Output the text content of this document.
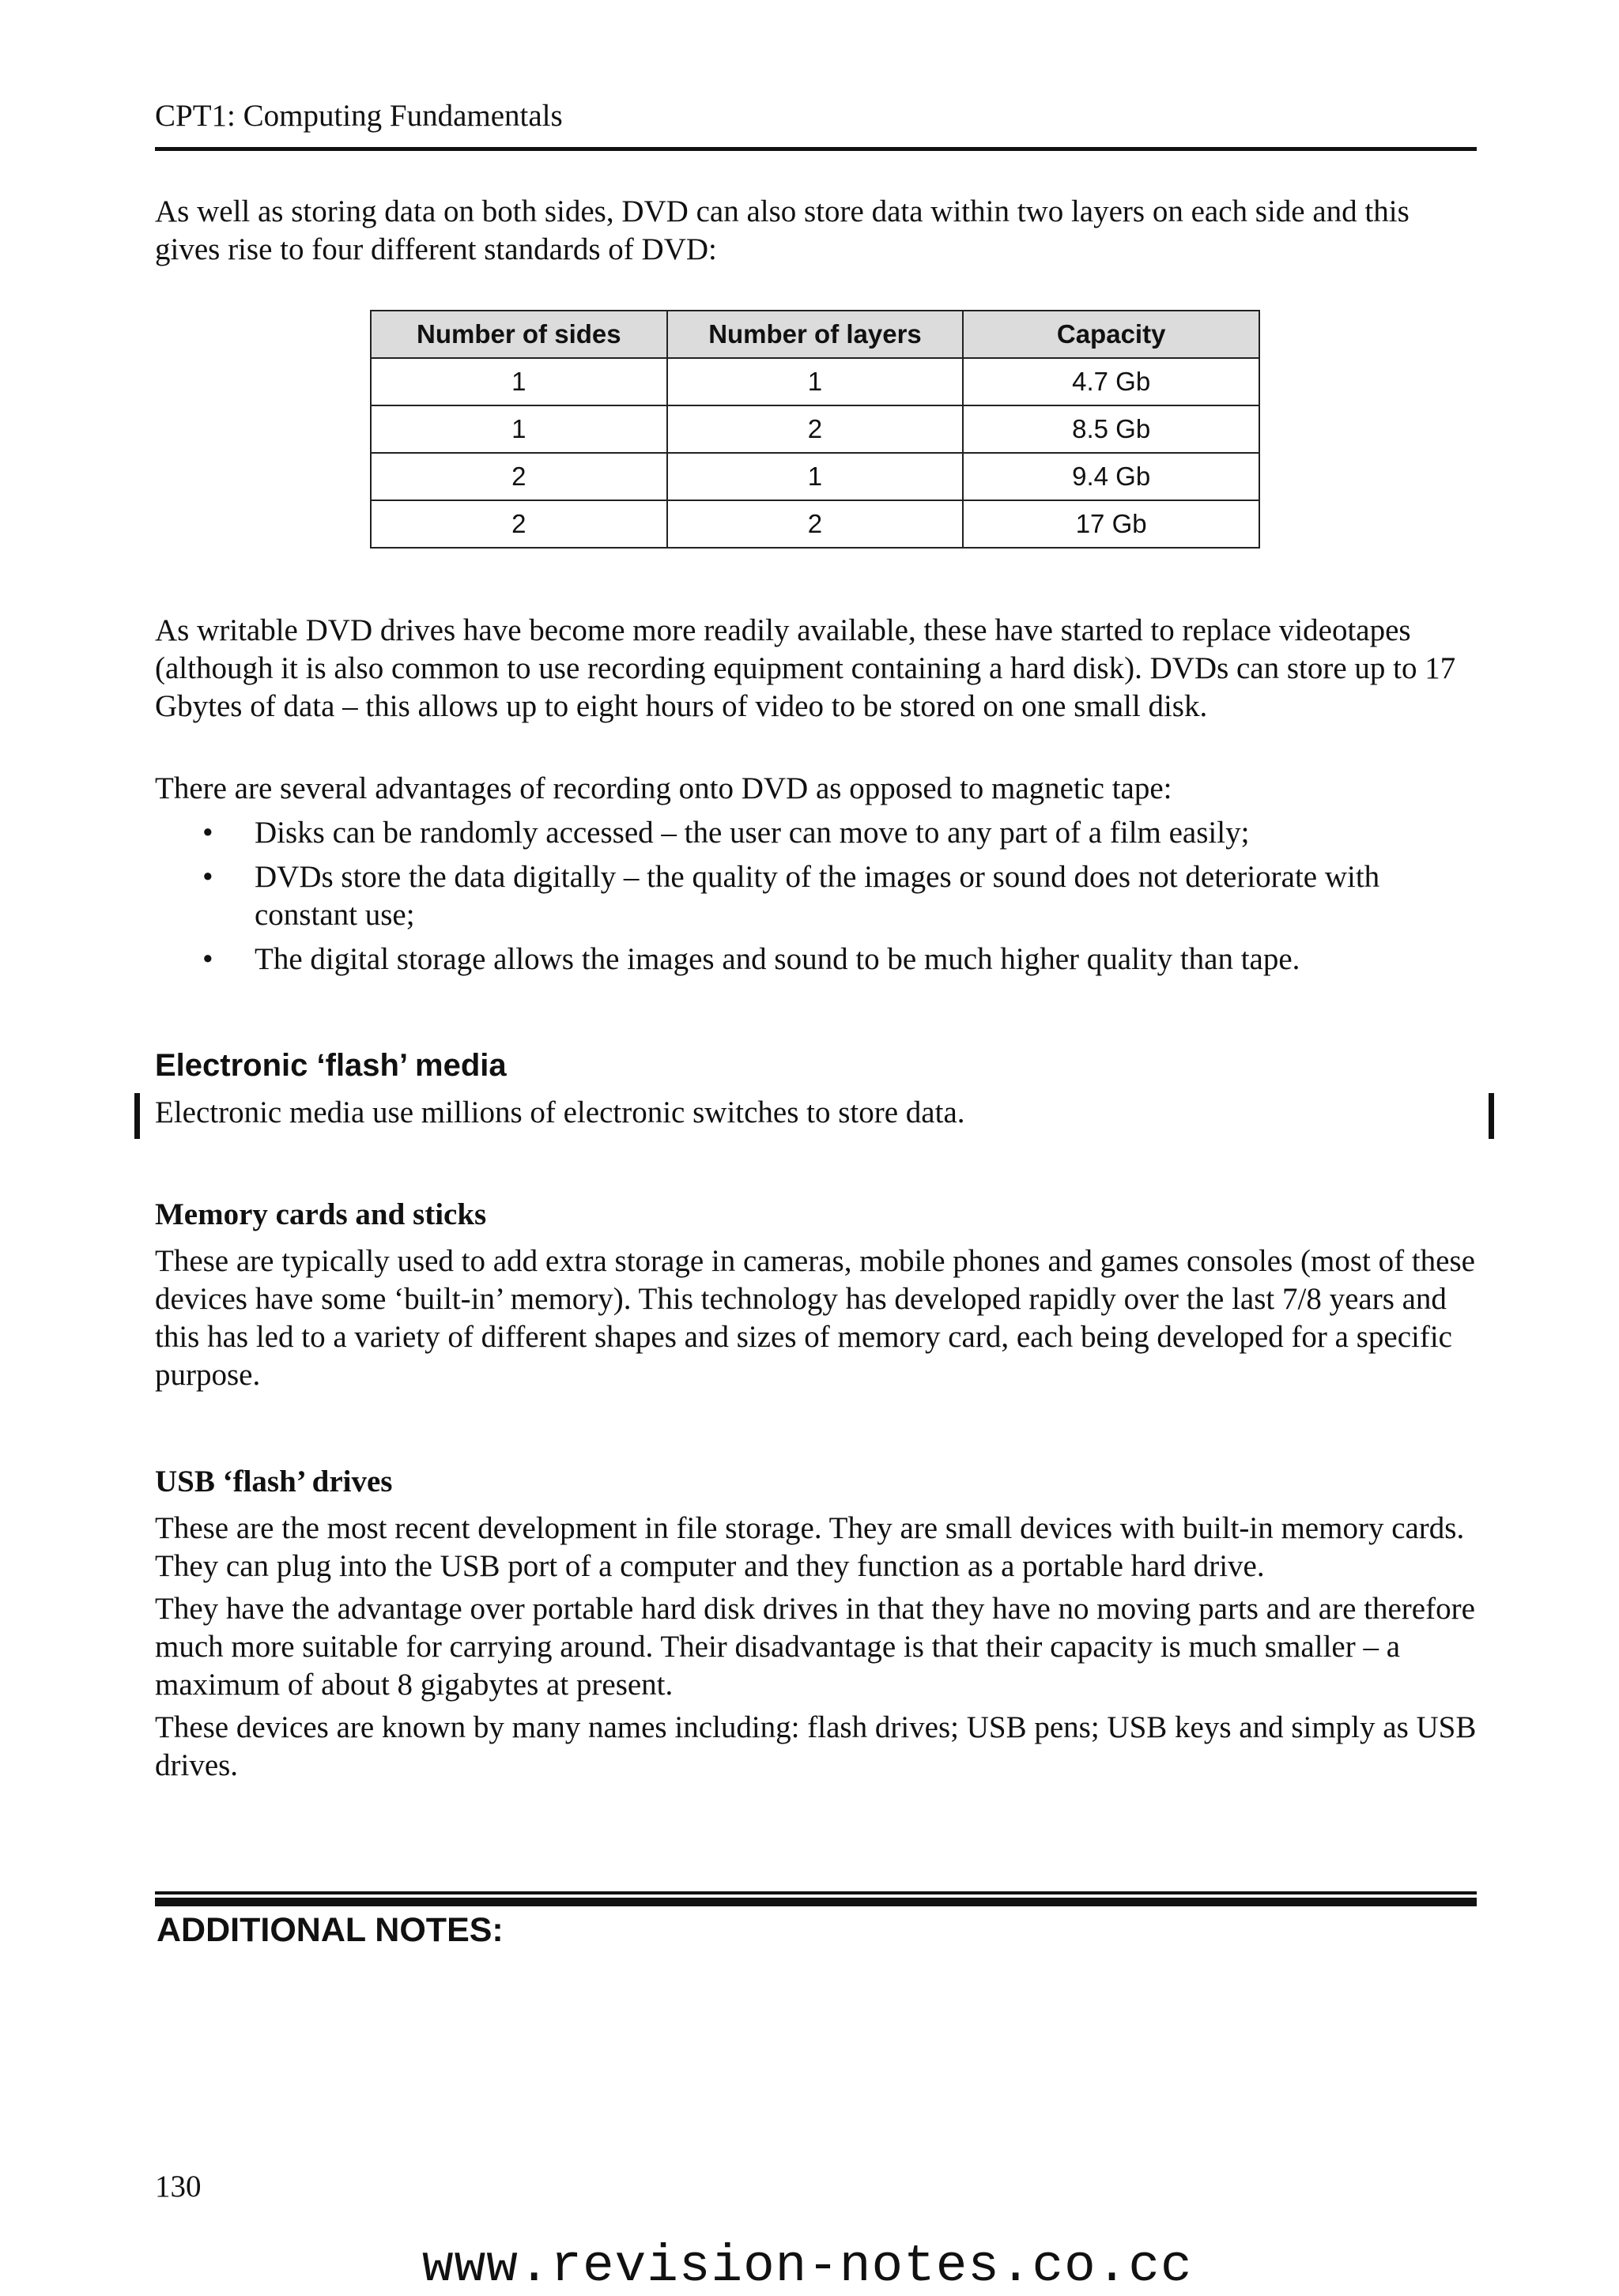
CPT1: Computing Fundamentals

As well as storing data on both sides, DVD can also store data within two layers on each side and this gives rise to four different standards of DVD:

Number of sides	Number of layers	Capacity
1	1	4.7 Gb
1	2	8.5 Gb
2	1	9.4 Gb
2	2	17 Gb

As writable DVD drives have become more readily available, these have started to replace videotapes (although it is also common to use recording equipment containing a hard disk). DVDs can store up to 17 Gbytes of data – this allows up to eight hours of video to be stored on one small disk.

There are several advantages of recording onto DVD as opposed to magnetic tape:

• Disks can be randomly accessed – the user can move to any part of a film easily;
• DVDs store the data digitally – the quality of the images or sound does not deteriorate with constant use;
• The digital storage allows the images and sound to be much higher quality than tape.
Electronic ‘flash’ media

Electronic media use millions of electronic switches to store data.

Memory cards and sticks

These are typically used to add extra storage in cameras, mobile phones and games consoles (most of these devices have some ‘built-in’ memory). This technology has developed rapidly over the last 7/8 years and this has led to a variety of different shapes and sizes of memory card, each being developed for a specific purpose.

USB ‘flash’ drives

These are the most recent development in file storage. They are small devices with built-in memory cards. They can plug into the USB port of a computer and they function as a portable hard drive.

They have the advantage over portable hard disk drives in that they have no moving parts and are therefore much more suitable for carrying around. Their disadvantage is that their capacity is much smaller – a maximum of about 8 gigabytes at present.

These devices are known by many names including: flash drives; USB pens; USB keys and simply as USB drives.

ADDITIONAL NOTES:
130
www.revision-notes.co.cc
